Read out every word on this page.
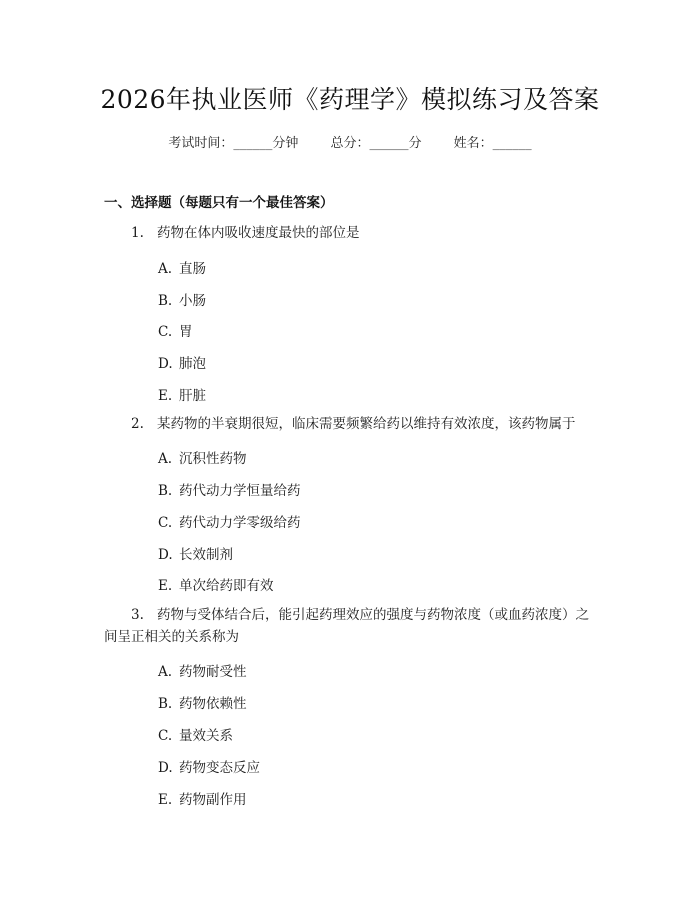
2026年执业医师《药理学》模拟练习及答案
考试时间：______分钟 总分：______分 姓名：______
一、选择题（每题只有一个最佳答案）
1. 药物在体内吸收速度最快的部位是
A. 直肠
B. 小肠
C. 胃
D. 肺泡
E. 肝脏
2. 某药物的半衰期很短，临床需要频繁给药以维持有效浓度，该药物属于
A. 沉积性药物
B. 药代动力学恒量给药
C. 药代动力学零级给药
D. 长效制剂
E. 单次给药即有效
3. 药物与受体结合后，能引起药理效应的强度与药物浓度（或血药浓度）之
间呈正相关的关系称为
A. 药物耐受性
B. 药物依赖性
C. 量效关系
D. 药物变态反应
E. 药物副作用
